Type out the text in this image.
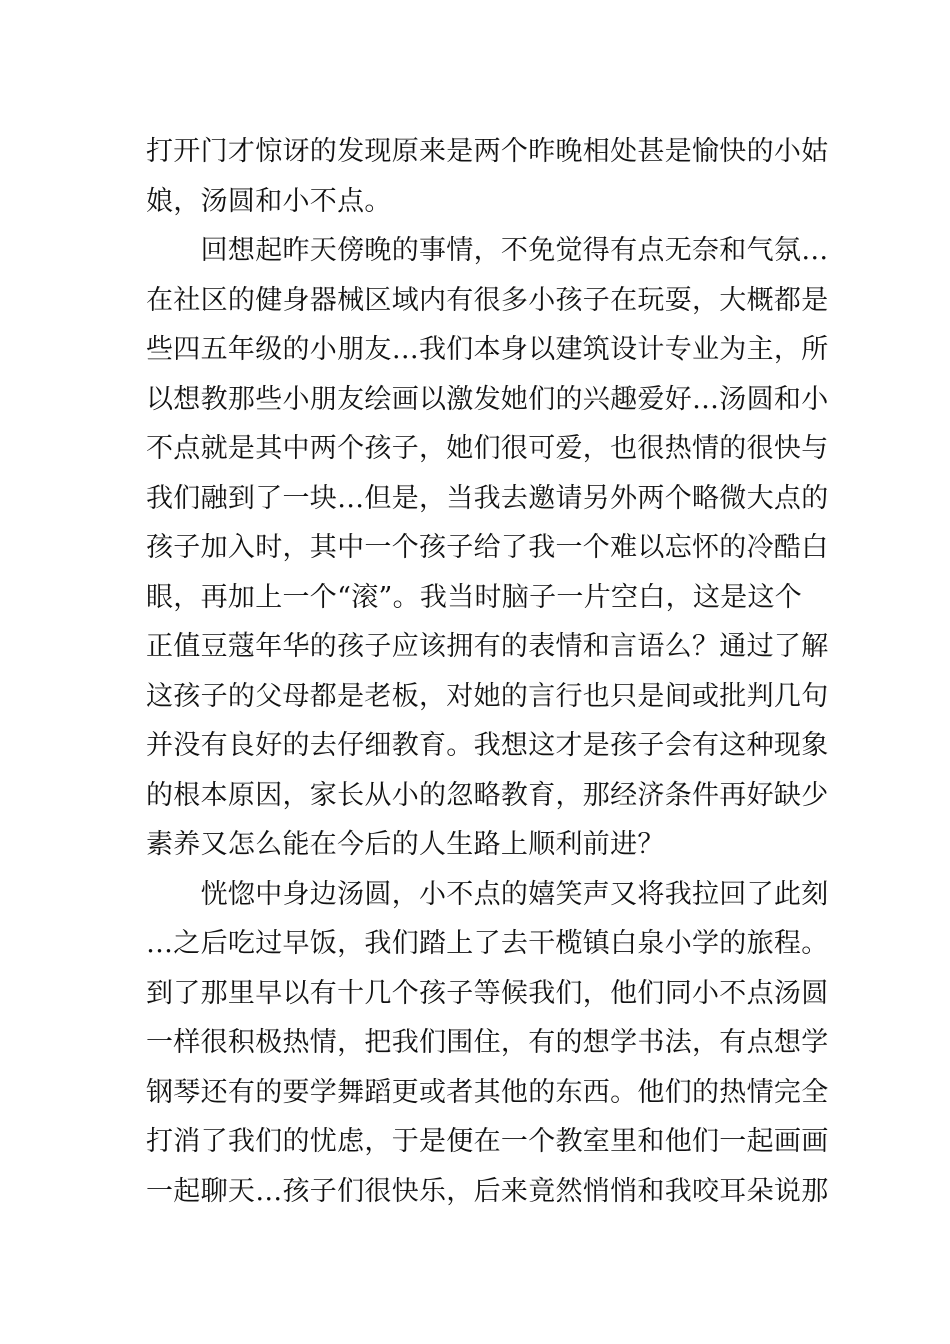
打开门才惊讶的发现原来是两个昨晚相处甚是愉快的小姑
娘，汤圆和小不点。
　　回想起昨天傍晚的事情，不免觉得有点无奈和气氛…
在社区的健身器械区域内有很多小孩子在玩耍，大概都是
些四五年级的小朋友…我们本身以建筑设计专业为主，所
以想教那些小朋友绘画以激发她们的兴趣爱好…汤圆和小
不点就是其中两个孩子，她们很可爱，也很热情的很快与
我们融到了一块…但是，当我去邀请另外两个略微大点的
孩子加入时，其中一个孩子给了我一个难以忘怀的冷酷白
眼，再加上一个“滚”。我当时脑子一片空白，这是这个
正值豆蔻年华的孩子应该拥有的表情和言语么？通过了解
这孩子的父母都是老板，对她的言行也只是间或批判几句
并没有良好的去仔细教育。我想这才是孩子会有这种现象
的根本原因，家长从小的忽略教育，那经济条件再好缺少
素养又怎么能在今后的人生路上顺利前进？
　　恍惚中身边汤圆，小不点的嬉笑声又将我拉回了此刻
…之后吃过早饭，我们踏上了去干榄镇白泉小学的旅程。
到了那里早以有十几个孩子等候我们，他们同小不点汤圆
一样很积极热情，把我们围住，有的想学书法，有点想学
钢琴还有的要学舞蹈更或者其他的东西。他们的热情完全
打消了我们的忧虑，于是便在一个教室里和他们一起画画
一起聊天…孩子们很快乐，后来竟然悄悄和我咬耳朵说那
